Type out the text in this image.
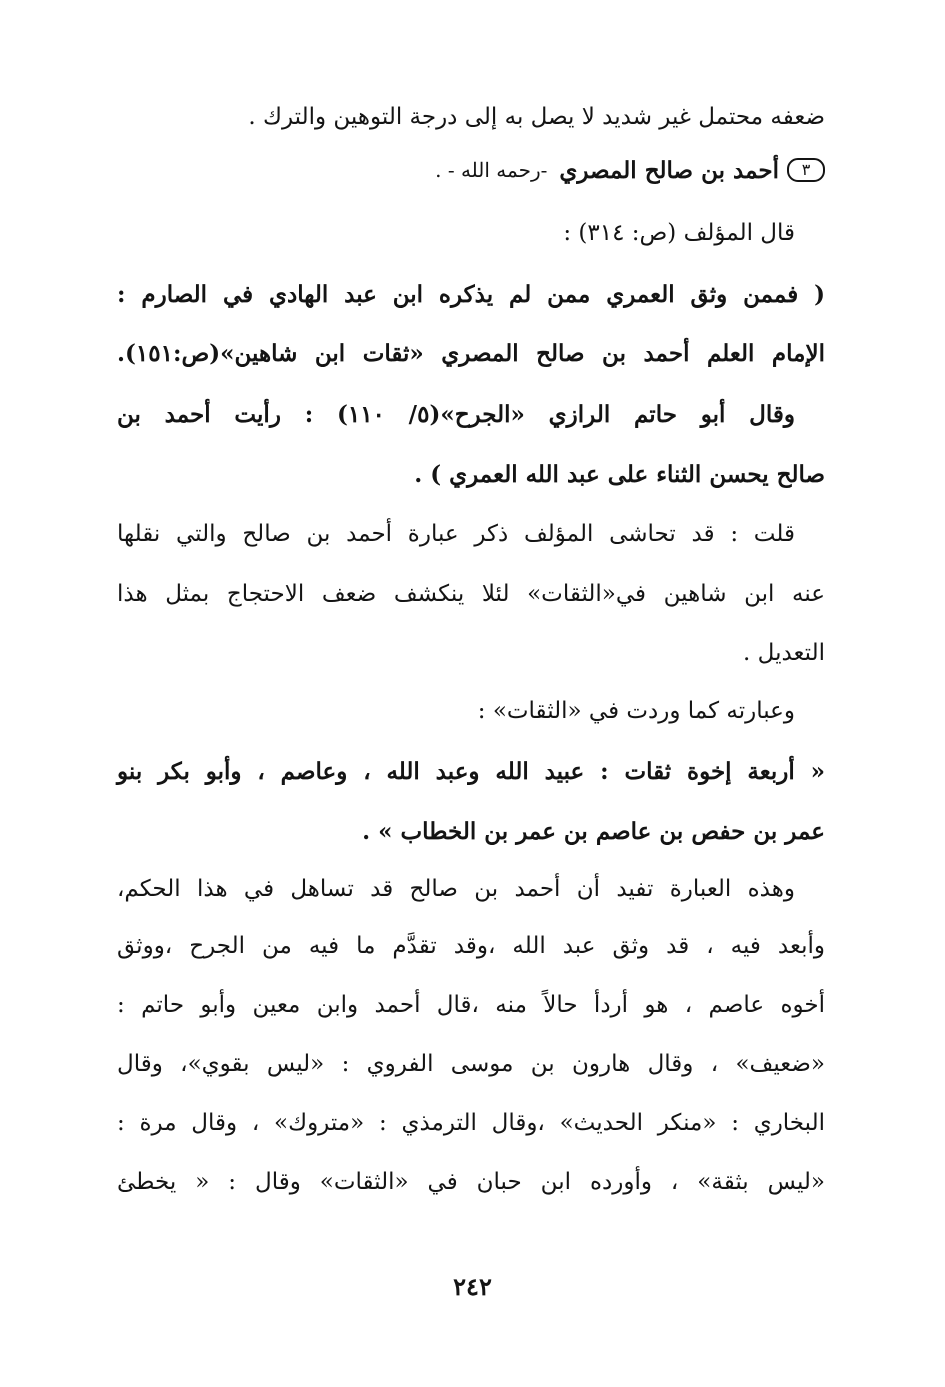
ضعفه محتمل غير شديد لا يصل به إلى درجة التوهين والترك .
٣
أحمد بن صالح المصري
-رحمه الله - .
قال المؤلف (ص: ٣١٤) :
( فممن وثق العمري ممن لم يذكره ابن عبد الهادي في الصارم :
الإمام العلم أحمد بن صالح المصري «ثقات ابن شاهين»(ص:١٥١).
وقال أبو حاتم الرازي «الجرح»(٥/ ١١٠) : رأيت أحمد بن
صالح يحسن الثناء على عبد الله العمري ) .
قلت : قد تحاشى المؤلف ذكر عبارة أحمد بن صالح والتي نقلها
عنه ابن شاهين في«الثقات» لئلا ينكشف ضعف الاحتجاج بمثل هذا
التعديل .
وعبارته كما وردت في «الثقات» :
« أربعة إخوة ثقات : عبيد الله وعبد الله ، وعاصم ، وأبو بكر بنو
عمر بن حفص بن عاصم بن عمر بن الخطاب » .
وهذه العبارة تفيد أن أحمد بن صالح قد تساهل في هذا الحكم،
وأبعد فيه ، قد وثق عبد الله ،وقد تقدَّم ما فيه من الجرح ،ووثق
أخوه عاصم ، هو أردأ حالاً منه ،قال أحمد وابن معين وأبو حاتم :
«ضعيف» ، وقال هارون بن موسى الفروي : «ليس بقوي»، وقال
البخاري : «منكر الحديث» ،وقال الترمذي : «متروك» ، وقال مرة :
«ليس بثقة» ، وأورده ابن حبان في «الثقات» وقال : « يخطئ
٢٤٢
